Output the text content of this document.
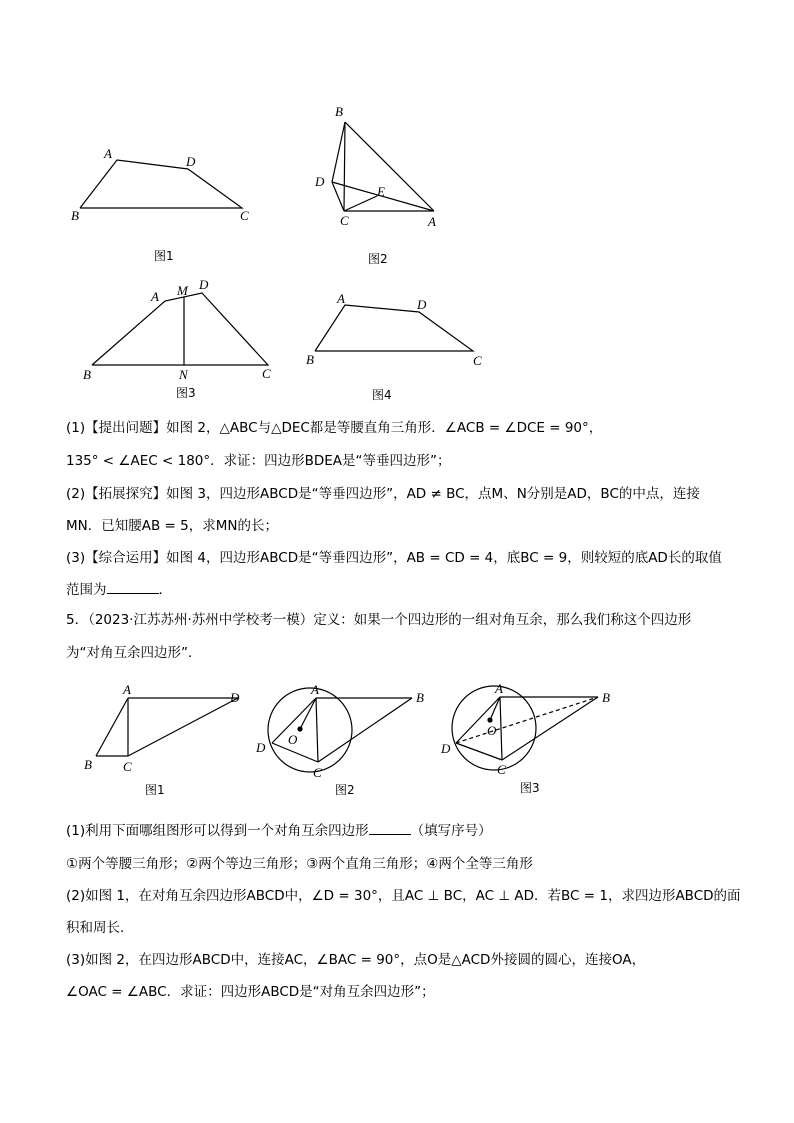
A
B	C
D
图1
B
D
E
C	A
图2
A M D
B	N	C
图3
A	D
B	C
图4
(1)【提出问题】如图 2，△ABC与△DEC都是等腰直角三角形．∠ACB = ∠DCE = 90°，
135° < ∠AEC < 180°．求证：四边形BDEA是“等垂四边形”；
(2)【拓展探究】如图 3，四边形ABCD是“等垂四边形”，AD ≠ BC，点M、N分别是AD，BC的中点，连接
MN．已知腰AB = 5，求MN的长；
(3)【综合运用】如图 4，四边形ABCD是“等垂四边形”，AB = CD = 4，底BC = 9，则较短的底AD长的取值
范围为	．
5．（2023·江苏苏州·苏州中学校考一模）定义：如果一个四边形的一组对角互余，那么我们称这个四边形
为“对角互余四边形”．
A
D
B C
图1
A
B
D
C
O
图2
A
B
D
C
O
图3
(1)利用下面哪组图形可以得到一个对角互余四边形	（填写序号）
①两个等腰三角形；②两个等边三角形；③两个直角三角形；④两个全等三角形
(2)如图 1，在对角互余四边形ABCD中，∠D = 30°，且AC ⊥ BC，AC ⊥ AD．若BC = 1，求四边形ABCD的面
积和周长．
(3)如图 2，在四边形ABCD中，连接AC，∠BAC = 90°，点O是△ACD外接圆的圆心，连接OA，
∠OAC = ∠ABC．求证：四边形ABCD是“对角互余四边形”；
